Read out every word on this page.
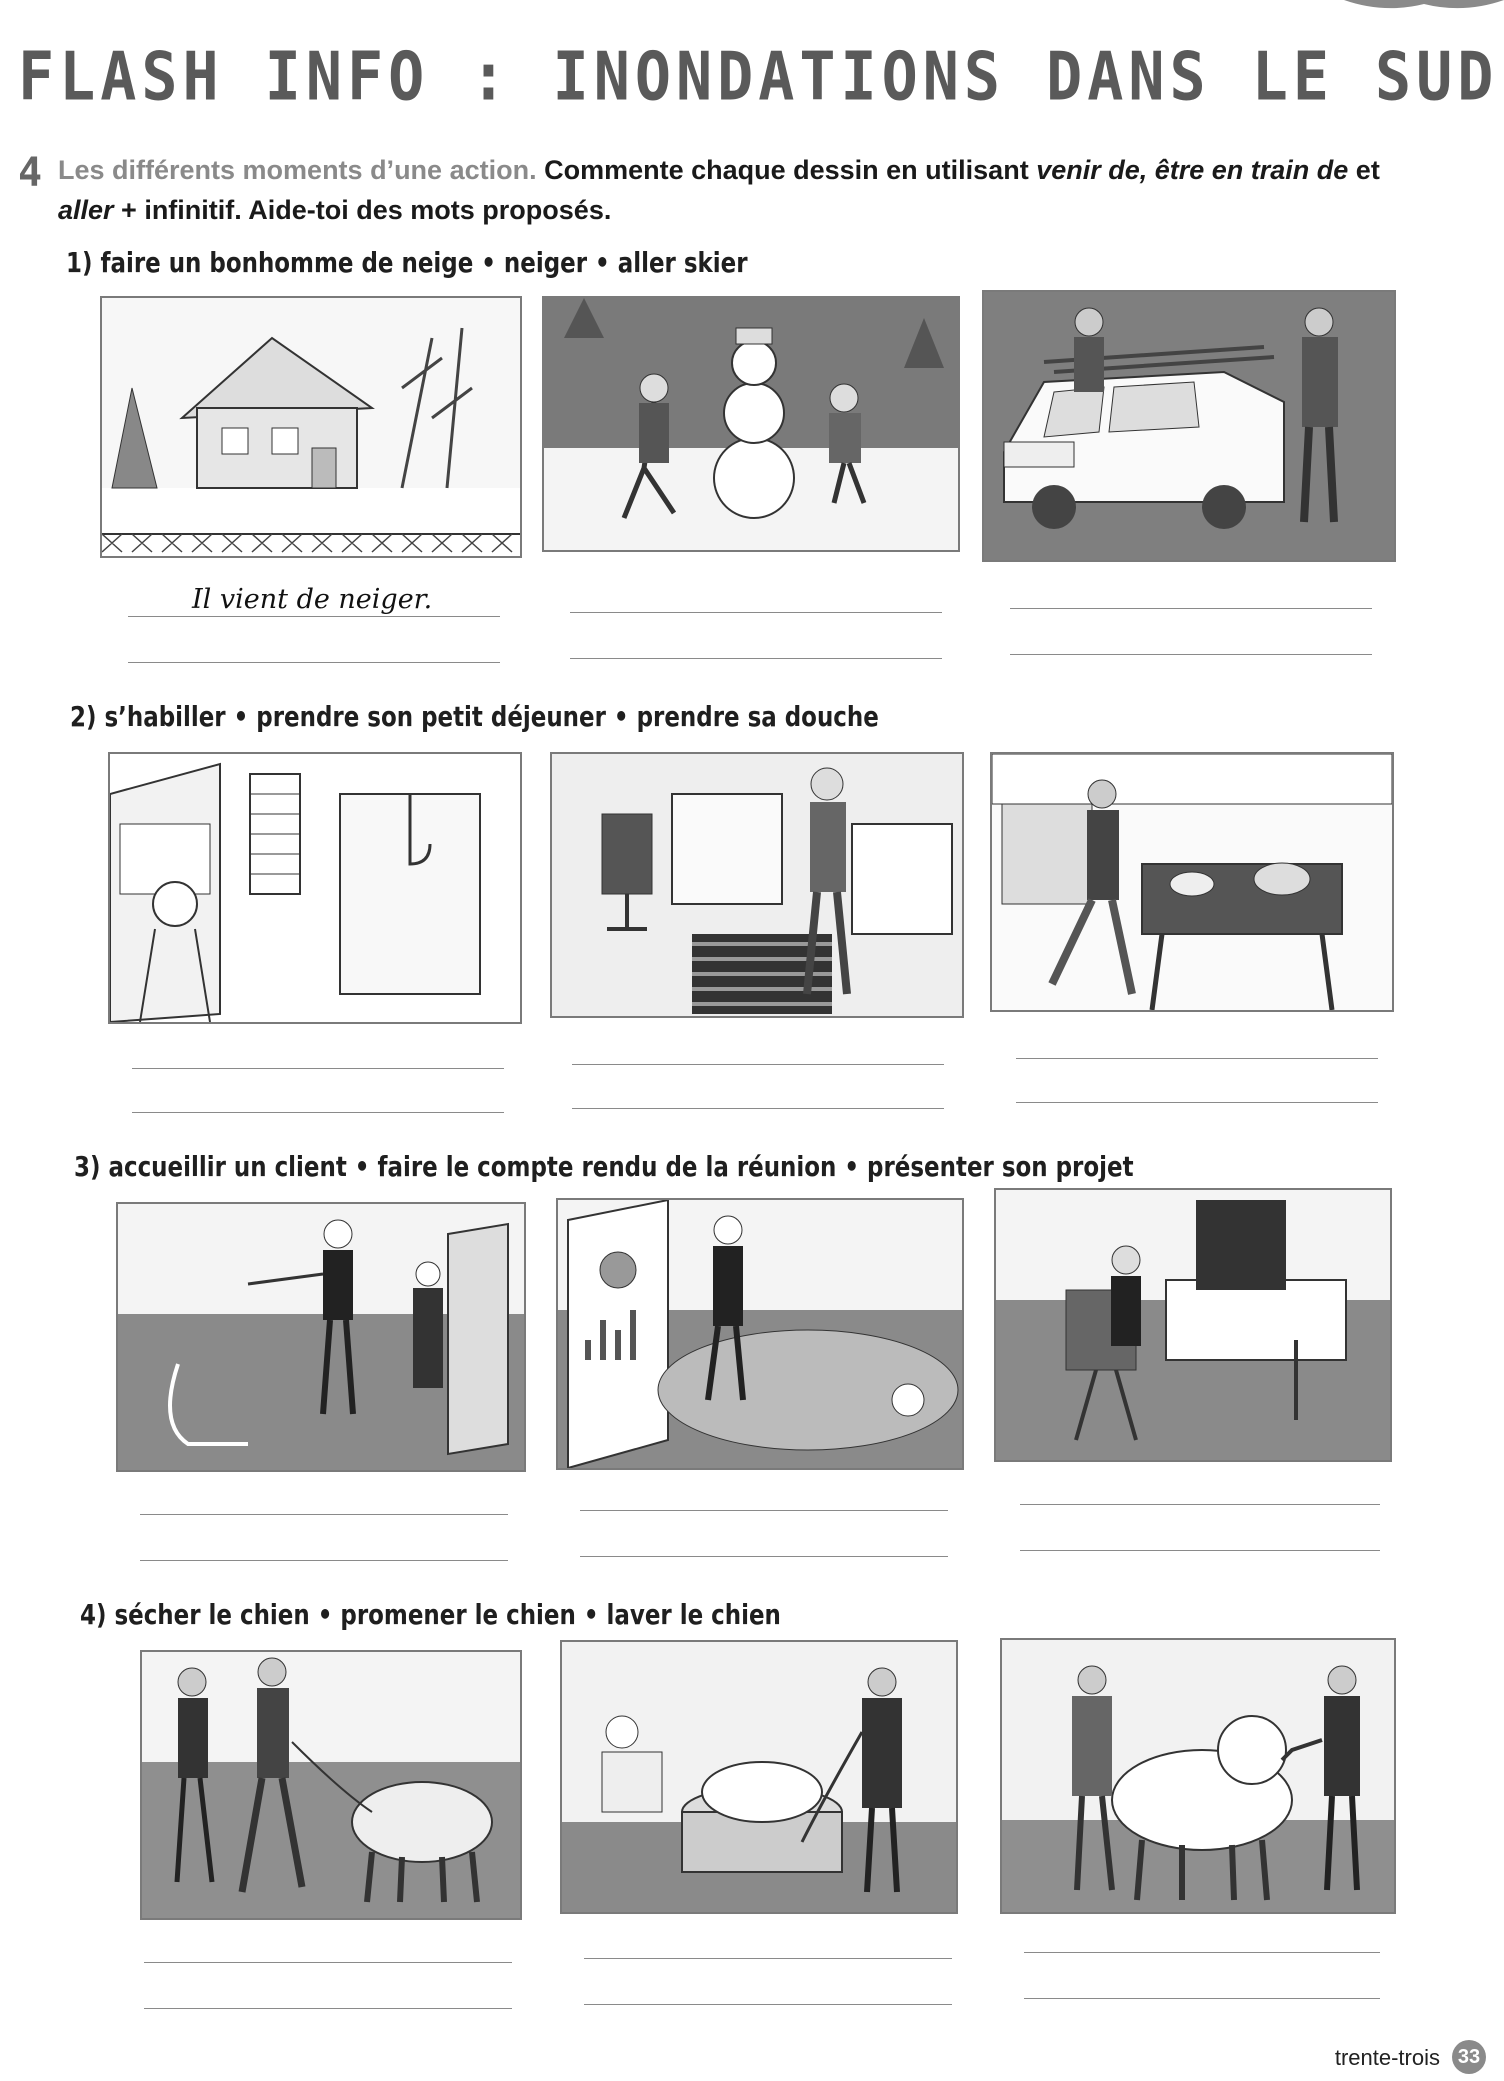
FLASH INFO : INONDATIONS DANS LE SUD
4 Les différents moments d’une action. Commente chaque dessin en utilisant venir de, être en train de et aller + infinitif. Aide-toi des mots proposés.
1) faire un bonhomme de neige • neiger • aller skier
Il vient de neiger.
2) s’habiller • prendre son petit déjeuner • prendre sa douche
3) accueillir un client • faire le compte rendu de la réunion • présenter son projet
4) sécher le chien • promener le chien • laver le chien
trente-trois 33
